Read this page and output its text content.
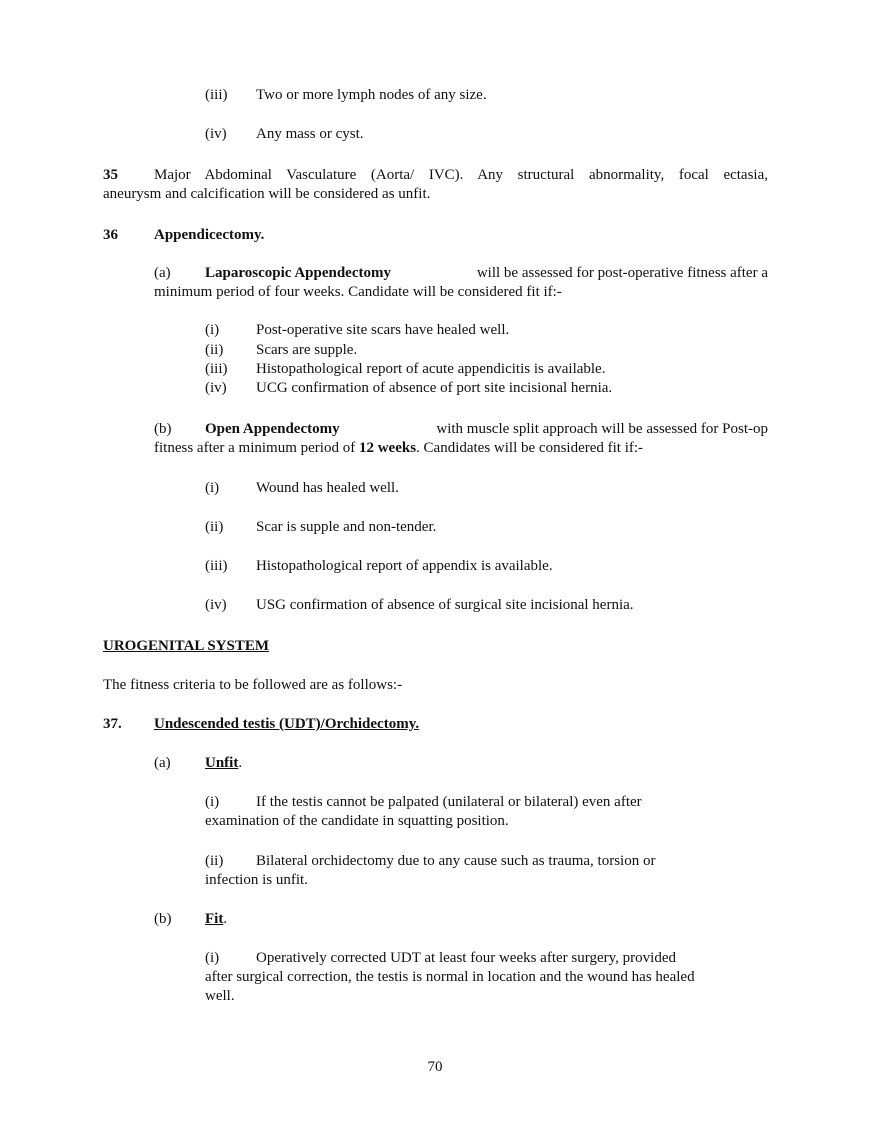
(iii) Two or more lymph nodes of any size.
(iv) Any mass or cyst.
35 Major Abdominal Vasculature (Aorta/ IVC). Any structural abnormality, focal ectasia,
aneurysm and calcification will be considered as unfit.
36 Appendicectomy.
(a) Laparoscopic Appendectomy	will be assessed for post-operative fitness after a
minimum period of four weeks. Candidate will be considered fit if:-
(i) Post-operative site scars have healed well.
(ii) Scars are supple.
(iii) Histopathological report of acute appendicitis is available.
(iv) UCG confirmation of absence of port site incisional hernia.
(b) Open Appendectomy	with muscle split approach will be assessed for Post-op
fitness after a minimum period of 12 weeks. Candidates will be considered fit if:-
(i) Wound has healed well.
(ii) Scar is supple and non-tender.
(iii) Histopathological report of appendix is available.
(iv) USG confirmation of absence of surgical site incisional hernia.
UROGENITAL SYSTEM
The fitness criteria to be followed are as follows:-
37. Undescended testis (UDT)/Orchidectomy.
(a) Unfit.
(i) If the testis cannot be palpated (unilateral or bilateral) even after
examination of the candidate in squatting position.
(ii) Bilateral orchidectomy due to any cause such as trauma, torsion or
infection is unfit.
(b) Fit.
(i) Operatively corrected UDT at least four weeks after surgery, provided
after surgical correction, the testis is normal in location and the wound has healed
well.
70
